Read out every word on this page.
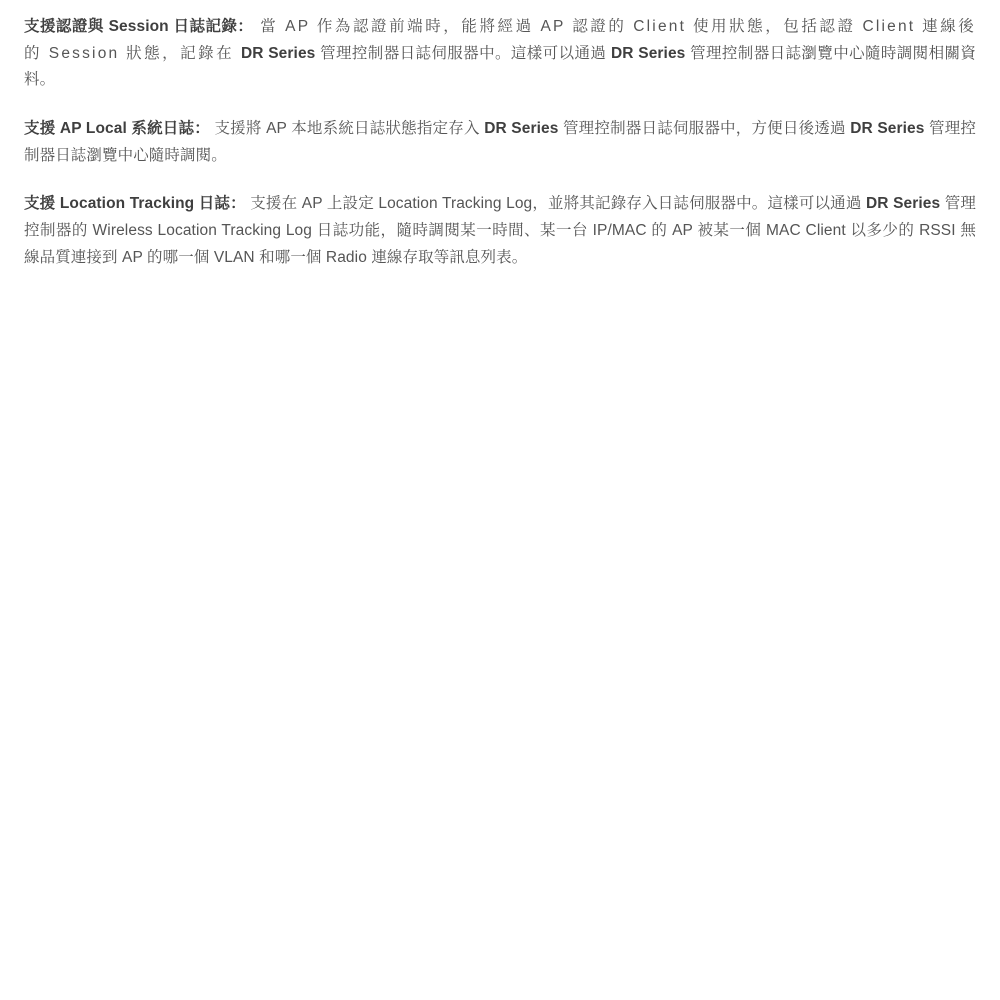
支援認證與 Session 日誌記錄： 當 AP 作為認證前端時，能將經過 AP 認證的 Client 使用狀態，包括認證 Client 連線後的 Session 狀態，記錄在 DR Series 管理控制器日誌伺服器中。這樣可以通過 DR Series 管理控制器日誌瀏覽中心隨時調閱相關資料。

支援 AP Local 系統日誌： 支援將 AP 本地系統日誌狀態指定存入 DR Series 管理控制器日誌伺服器中，方便日後透過 DR Series 管理控制器日誌瀏覽中心隨時調閱。

支援 Location Tracking 日誌： 支援在 AP 上設定 Location Tracking Log，並將其記錄存入日誌伺服器中。這樣可以通過 DR Series 管理控制器的 Wireless Location Tracking Log 日誌功能，隨時調閱某一時間、某一台 IP/MAC 的 AP 被某一個 MAC Client 以多少的 RSSI 無線品質連接到 AP 的哪一個 VLAN 和哪一個 Radio 連線存取等訊息列表。
